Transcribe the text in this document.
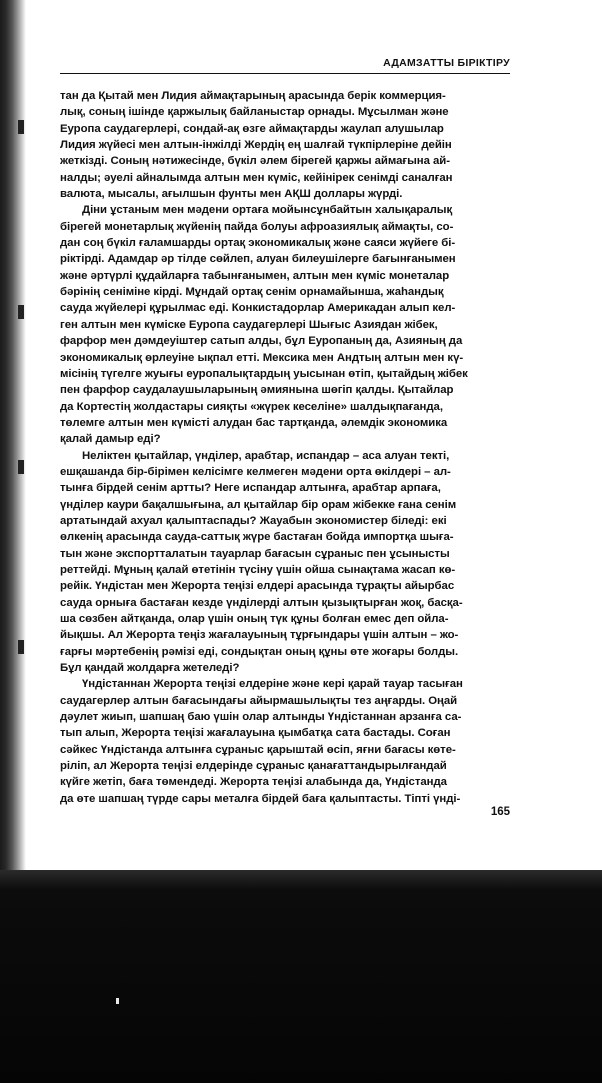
АДАМЗАТТЫ БІРІКТІРУ
тан да Қытай мен Лидия аймақтарының арасында берік коммерция-
лық, соның ішінде қаржылық байланыстар орнады. Мұсылман және
Еуропа саудагерлері, сондай-ақ өзге аймақтарды жаулап алушылар
Лидия жүйесі мен алтын-інжілді Жердің ең шалғай түкпірлеріне дейін
жеткізді. Соның нәтижесінде, бүкіл әлем бірегей қаржы аймағына ай-
налды; әуелі айналымда алтын мен күміс, кейінірек сенімді саналған
валюта, мысалы, ағылшын фунты мен АҚШ доллары жүрді.
Діни ұстаным мен мәдени ортаға мойынсұнбайтын халықаралық
бірегей монетарлық жүйенің пайда болуы афроазиялық аймақты, со-
дан соң бүкіл ғаламшарды ортақ экономикалық және саяси жүйеге бі-
ріктірді. Адамдар әр тілде сөйлеп, алуан билеушілерге бағынғанымен
және әртүрлі құдайларға табынғанымен, алтын мен күміс монеталар
бәрінің сеніміне кірді. Мұндай ортақ сенім орнамайынша, жаһандық
сауда жүйелері құрылмас еді. Конкистадорлар Америкадан алып кел-
ген алтын мен күміске Еуропа саудагерлері Шығыс Азиядан жібек,
фарфор мен дәмдеуіштер сатып алды, бұл Еуропаның да, Азияның да
экономикалық өрлеуіне ықпал етті. Мексика мен Андтың алтын мен кү-
місінің түгелге жуығы еуропалықтардың уысынан өтіп, қытайдың жібек
пен фарфор саудалаушыларының әмиянына шөгіп қалды. Қытайлар
да Кортестің жолдастары сияқты «жүрек кеселіне» шалдықпағанда,
төлемге алтын мен күмісті алудан бас тартқанда, әлемдік экономика
қалай дамыр еді?
Неліктен қытайлар, үнділер, арабтар, испандар – аса алуан текті,
ешқашанда бір-бірімен келісімге келмеген мәдени орта өкілдері – ал-
тынға бірдей сенім артты? Неге испандар алтынға, арабтар арпаға,
үнділер каури бақалшығына, ал қытайлар бір орам жібекке ғана сенім
артатындай ахуал қалыптаспады? Жауабын экономистер біледі: екі
өлкенің арасында сауда-саттық жүре бастаған бойда импортқа шыға-
тын және экспортталатын тауарлар бағасын сұраныс пен ұсынысты
реттейді. Мұның қалай өтетінін түсіну үшін ойша сынақтама жасап кө-
рейік. Үндістан мен Жерорта теңізі елдері арасында тұрақты айырбас
сауда орныға бастаған кезде үнділерді алтын қызықтырған жоқ, басқа-
ша сөзбен айтқанда, олар үшін оның түк құны болған емес деп ойла-
йықшы. Ал Жерорта теңіз жағалауының тұрғындары үшін алтын – жо-
ғарғы мәртебенің рәмізі еді, сондықтан оның құны өте жоғары болды.
Бұл қандай жолдарға жетеледі?
Үндістаннан Жерорта теңізі елдеріне және кері қарай тауар тасыған
саудагерлер алтын бағасындағы айырмашылықты тез аңғарды. Оңай
дәулет жиып, шапшаң баю үшін олар алтынды Үндістаннан арзанға са-
тып алып, Жерорта теңізі жағалауына қымбатқа сата бастады. Соған
сәйкес Үндістанда алтынға сұраныс қарыштай өсіп, яғни бағасы көте-
ріліп, ал Жерорта теңізі елдерінде сұраныс қанағаттандырылғандай
күйге жетіп, баға төмендеді. Жерорта теңізі алабында да, Үндістанда
да өте шапшаң түрде сары металға бірдей баға қалыптасты. Тіпті үнді-
165
